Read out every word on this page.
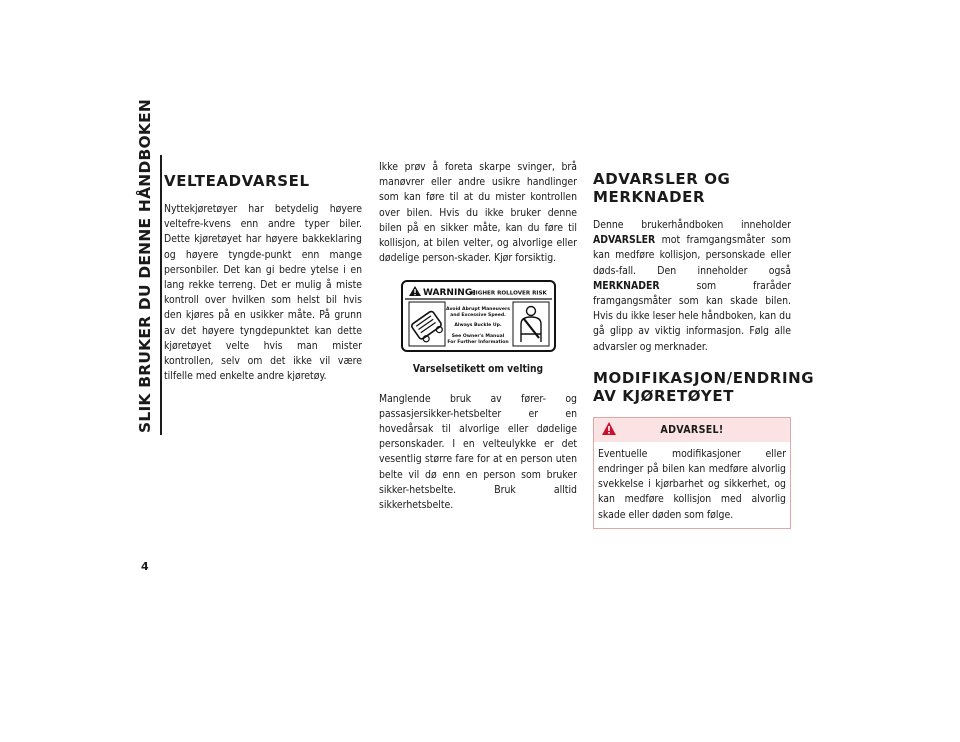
SLIK BRUKER DU DENNE HÅNDBOKEN
4
VELTEADVARSEL

Nyttekjøretøyer har betydelig høyere veltefre-kvens enn andre typer biler. Dette kjøretøyet har høyere bakkeklaring og høyere tyngde-punkt enn mange personbiler. Det kan gi bedre ytelse i en lang rekke terreng. Det er mulig å miste kontroll over hvilken som helst bil hvis den kjøres på en usikker måte. På grunn av det høyere tyngdepunktet kan dette kjøretøyet velte hvis man mister kontrollen, selv om det ikke vil være tilfelle med enkelte andre kjøretøy.

Ikke prøv å foreta skarpe svinger, brå manøvrer eller andre usikre handlinger som kan føre til at du mister kontrollen over bilen. Hvis du ikke bruker denne bilen på en sikker måte, kan du føre til kollisjon, at bilen velter, og alvorlige eller dødelige person-skader. Kjør forsiktig.

WARNING:
HIGHER ROLLOVER RISK
Avoid Abrupt Maneuvers
and Excessive Speed.
Always Buckle Up.
See Owner's Manual
For Further Information
Varselsetikett om velting

Manglende bruk av fører- og passasjersikker-hetsbelter er en hovedårsak til alvorlige eller dødelige personskader. I en velteulykke er det vesentlig større fare for at en person uten belte vil dø enn en person som bruker sikker-hetsbelte. Bruk alltid sikkerhetsbelte.

ADVARSLER OG
MERKNADER

Denne brukerhåndboken inneholder ADVARSLER mot framgangsmåter som kan medføre kollisjon, personskade eller døds-fall. Den inneholder også MERKNADER	som fraråder framgangsmåter som kan skade bilen. Hvis du ikke leser hele håndboken, kan du gå glipp av viktig informasjon. Følg alle advarsler og merknader.

MODIFIKASJON/ENDRING
AV KJØRETØYET
ADVARSEL!
Eventuelle modifikasjoner eller endringer på bilen kan medføre alvorlig svekkelse i kjørbarhet og sikkerhet, og kan medføre kollisjon med alvorlig skade eller døden som følge.
